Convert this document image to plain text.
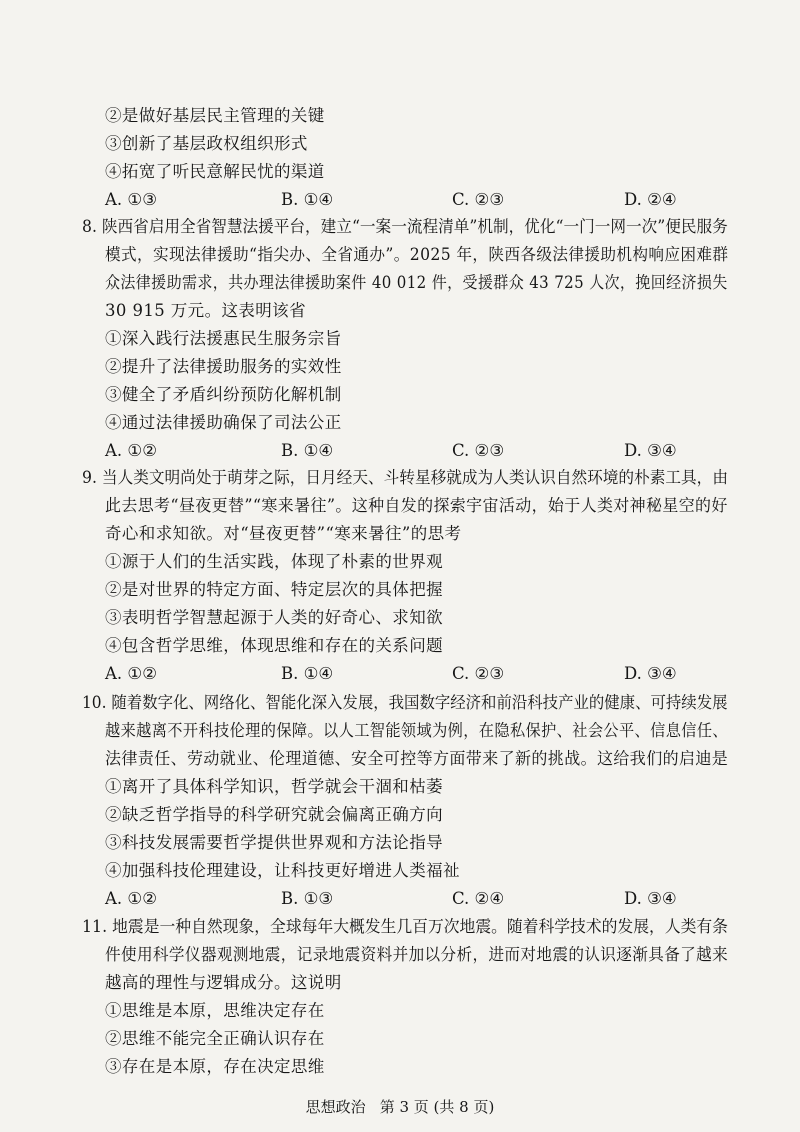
②是做好基层民主管理的关键
③创新了基层政权组织形式
④拓宽了听民意解民忧的渠道
A. ①③	B. ①④	C. ②③	D. ②④
8. 陕西省启用全省智慧法援平台，建立“一案一流程清单”机制，优化“一门一网一次”便民服务
模式，实现法律援助“指尖办、全省通办”。2025 年，陕西各级法律援助机构响应困难群
众法律援助需求，共办理法律援助案件 40 012 件，受援群众 43 725 人次，挽回经济损失
30 915 万元。这表明该省
①深入践行法援惠民生服务宗旨
②提升了法律援助服务的实效性
③健全了矛盾纠纷预防化解机制
④通过法律援助确保了司法公正
A. ①②	B. ①④	C. ②③	D. ③④
9. 当人类文明尚处于萌芽之际，日月经天、斗转星移就成为人类认识自然环境的朴素工具，由
此去思考“昼夜更替”“寒来暑往”。这种自发的探索宇宙活动，始于人类对神秘星空的好
奇心和求知欲。对“昼夜更替”“寒来暑往”的思考
①源于人们的生活实践，体现了朴素的世界观
②是对世界的特定方面、特定层次的具体把握
③表明哲学智慧起源于人类的好奇心、求知欲
④包含哲学思维，体现思维和存在的关系问题
A. ①②	B. ①④	C. ②③	D. ③④
10. 随着数字化、网络化、智能化深入发展，我国数字经济和前沿科技产业的健康、可持续发展
越来越离不开科技伦理的保障。以人工智能领域为例，在隐私保护、社会公平、信息信任、
法律责任、劳动就业、伦理道德、安全可控等方面带来了新的挑战。这给我们的启迪是
①离开了具体科学知识，哲学就会干涸和枯萎
②缺乏哲学指导的科学研究就会偏离正确方向
③科技发展需要哲学提供世界观和方法论指导
④加强科技伦理建设，让科技更好增进人类福祉
A. ①②	B. ①③	C. ②④	D. ③④
11. 地震是一种自然现象，全球每年大概发生几百万次地震。随着科学技术的发展，人类有条
件使用科学仪器观测地震，记录地震资料并加以分析，进而对地震的认识逐渐具备了越来
越高的理性与逻辑成分。这说明
①思维是本原，思维决定存在
②思维不能完全正确认识存在
③存在是本原，存在决定思维
思想政治 第 3 页 (共 8 页)
